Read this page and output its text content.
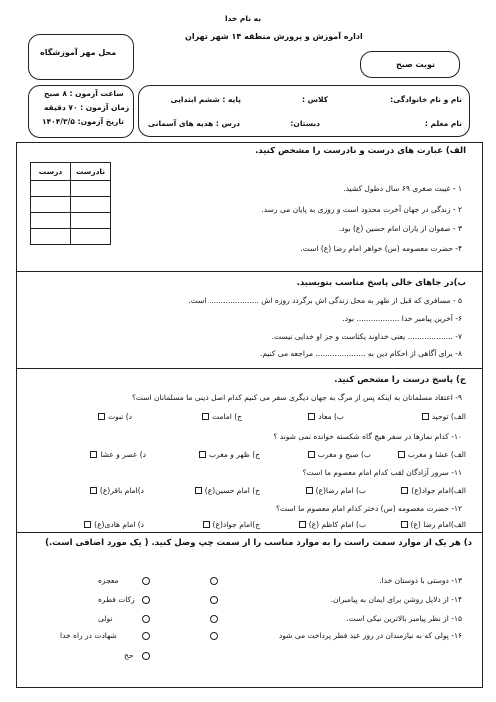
به نام خدا
اداره آموزش و پرورش منطقه ۱۴ شهر تهران
نوبت صبح
محل مهر آموزشگاه
ساعت آزمون : ۸ صبح
زمان آزمون : ۷۰ دقیقه
تاریخ آزمون: ۱۴۰۴/۳/۵
نام و نام خانوادگی:
کلاس :
پایه : ششم ابتدایی
نام معلم :
دبستان:
درس : هدیه های آسمانی
الف) عبارت های درست و نادرست را مشخص کنید.
نادرست	درست

۱ - غیبت صغری ۶۹ سال دطول کشید.
۲ - زندگی در جهان آخرت محدود است و روزی به پایان می رسد.
۳ - صفوان از یاران امام حسین (ع) بود.
۴- حضرت معصومه (س) خواهر امام رضا (ع) است.
ب)در جاهای خالی پاسخ مناسب بنویسید.
۵ - مسافری که قبل از ظهر به محل زندگی اش برگردد روزه اش ..................... است.
۶- آخرین پیامبر خدا .................. بود.
۷- ................... یعنی خداوند یکتاست و جز او خدایی نیست.
۸- برای آگاهی از احکام دین به ..................... مراجعه می کنیم.
ج) پاسخ درست را مشخص کنید.
۹- اعتقاد مسلمانان به اینکه پس از مرگ به جهان دیگری سفر می کنیم کدام اصل دینی ما مسلمانان است؟
الف) توحید
ب) معاد
ج) امامت
د) نبوت
۱۰- کدام نمازها در سفر هیچ گاه شکسته خوانده نمی شوند ؟
الف) عشا و مغرب
ب) صبح و مغرب
ج) ظهر و مغرب
د) عصر و عشا
۱۱- سرور آزادگان لقب کدام امام معصوم ما است؟
الف)امام جواد(ع)
ب) امام رضا(ع)
ج) امام حسین(ع)
د)امام باقر(ع)
۱۲- حضرت معصومه (س) دختر کدام امام معصوم ما است؟
الف)امام رضا (ع)
ب) امام کاظم (ع)
ج)امام جواد(ع)
د) امام هادی(ع)
د) هر یک از موارد سمت راست را به موارد مناسب را از سمت چپ وصل کنید. ( یک مورد اضافی است.)
۱۳- دوستی با دوستان خدا.
۱۴- از دلایل روشن برای ایمان به پیامبران.
۱۵- از نظر پیامبر بالاترین نیکی است.
۱۶- پولی که به نیازمندان در روز عید فطر پرداخت می شود
معجزه
زکات فطره
تولی
شهادت در راه خدا
حج
